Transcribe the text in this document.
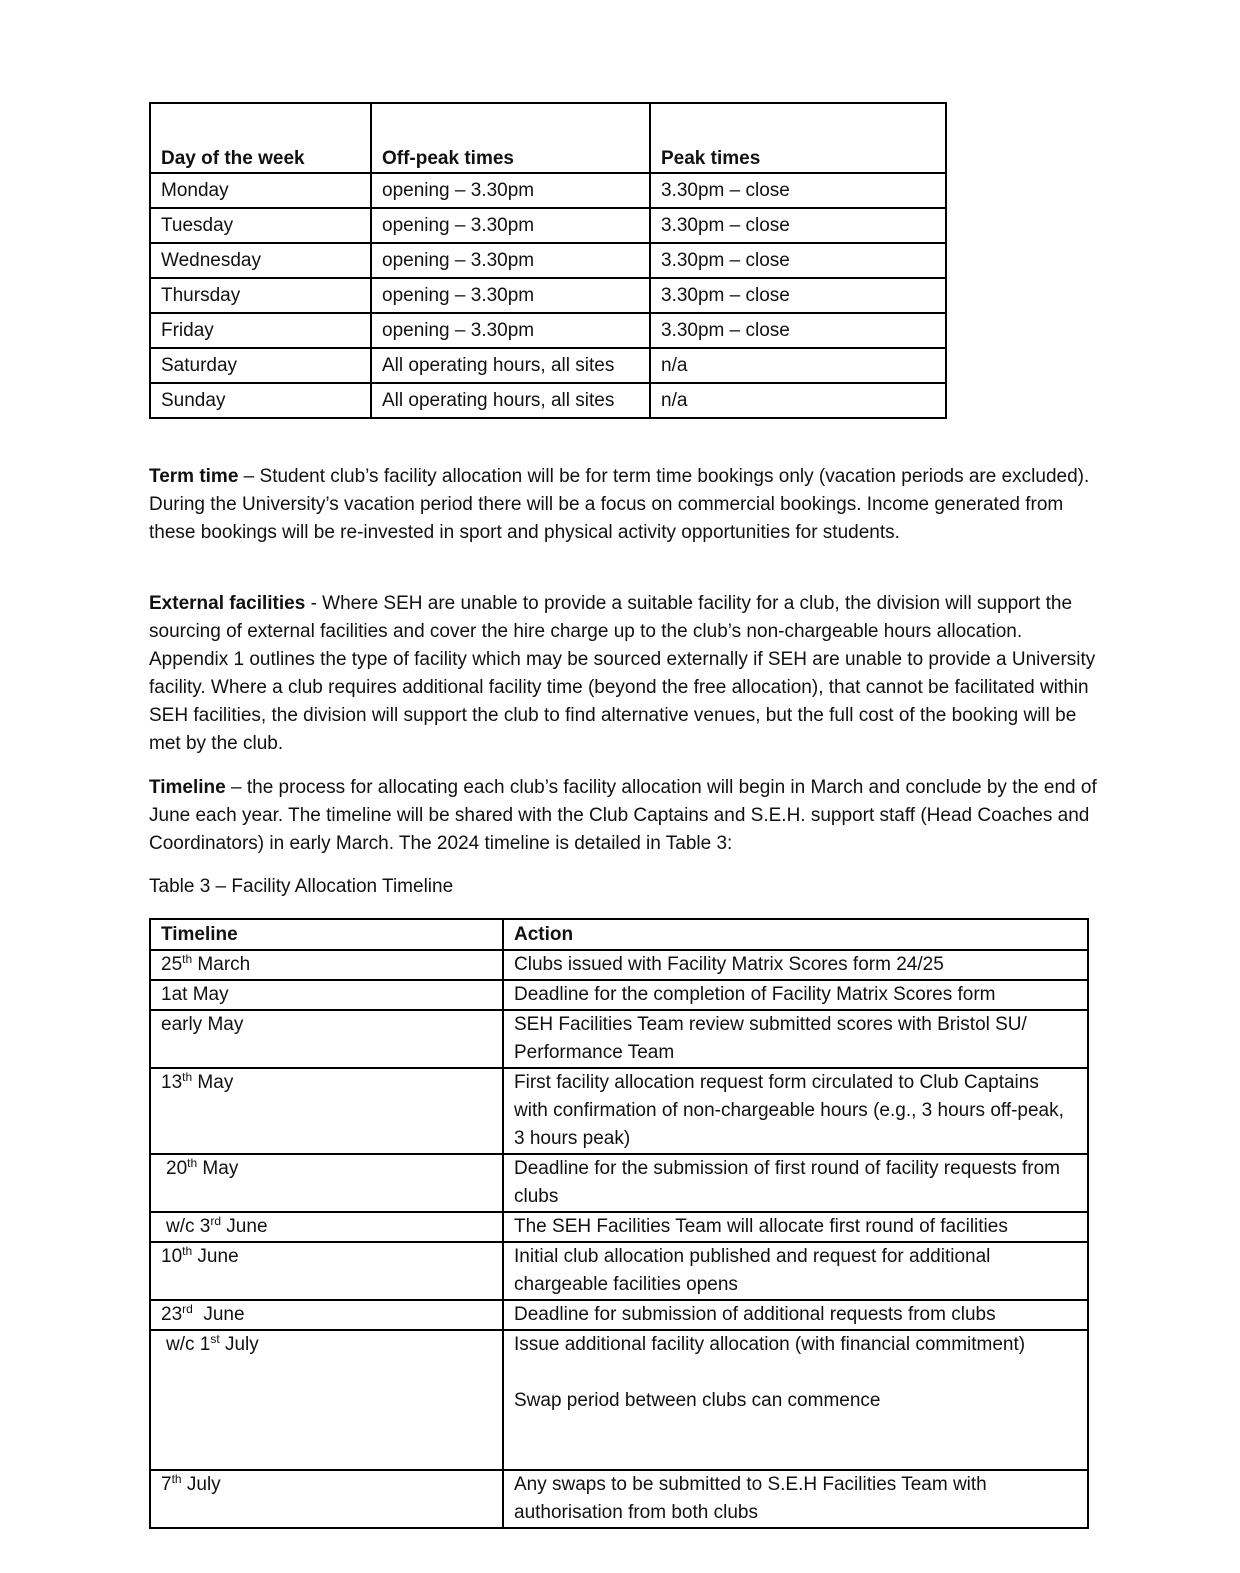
Day of the week	Off-peak times	Peak times
Monday	opening – 3.30pm	3.30pm – close
Tuesday	opening – 3.30pm	3.30pm – close
Wednesday	opening – 3.30pm	3.30pm – close
Thursday	opening – 3.30pm	3.30pm – close
Friday	opening – 3.30pm	3.30pm – close
Saturday	All operating hours, all sites	n/a
Sunday	All operating hours, all sites	n/a

Term time – Student club’s facility allocation will be for term time bookings only (vacation periods are excluded). During the University’s vacation period there will be a focus on commercial bookings. Income generated from these bookings will be re-invested in sport and physical activity opportunities for students.

External facilities - Where SEH are unable to provide a suitable facility for a club, the division will support the sourcing of external facilities and cover the hire charge up to the club’s non-chargeable hours allocation. Appendix 1 outlines the type of facility which may be sourced externally if SEH are unable to provide a University facility. Where a club requires additional facility time (beyond the free allocation), that cannot be facilitated within SEH facilities, the division will support the club to find alternative venues, but the full cost of the booking will be met by the club.

Timeline – the process for allocating each club’s facility allocation will begin in March and conclude by the end of June each year. The timeline will be shared with the Club Captains and S.E.H. support staff (Head Coaches and Coordinators) in early March. The 2024 timeline is detailed in Table 3:

Table 3 – Facility Allocation Timeline

Timeline	Action
25th March	Clubs issued with Facility Matrix Scores form 24/25
1at May	Deadline for the completion of Facility Matrix Scores form
early May	SEH Facilities Team review submitted scores with Bristol SU/ Performance Team
13th May	First facility allocation request form circulated to Club Captains with confirmation of non-chargeable hours (e.g., 3 hours off-peak, 3 hours peak)
20th May	Deadline for the submission of first round of facility requests from clubs
w/c 3rd June	The SEH Facilities Team will allocate first round of facilities
10th June	Initial club allocation published and request for additional chargeable facilities opens
23rd  June	Deadline for submission of additional requests from clubs
w/c 1st July	Issue additional facility allocation (with financial commitment)
Swap period between clubs can commence

7th July	Any swaps to be submitted to S.E.H Facilities Team with authorisation from both clubs
